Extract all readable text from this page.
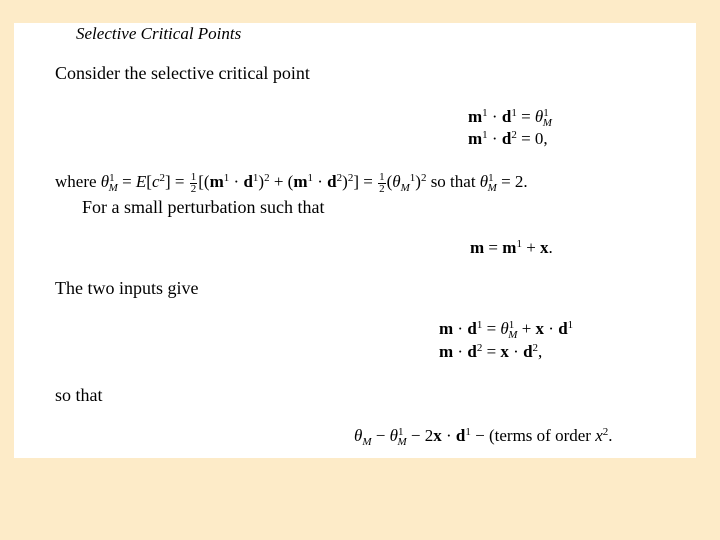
Selective Critical Points
Consider the selective critical point
$m^1 \cdot d^1 = \theta^1_M$
$m^1 \cdot d^2 = 0$,
where $\theta^1_M = E[c^2] = \frac{1}{2} [(m^1 \cdot d^1)^2 + (m^1 \cdot d^2)^2] = \frac{1}{2} (\theta_M^1)^2$ so that $\theta^1_M = 2$.
For a small perturbation such that
$m = m^1 + x$.
The two inputs give
$m \cdot d^1 = \theta^1_M + x \cdot d^1$
$m \cdot d^2 = x \cdot d^2$,
so that
$\theta_M - \theta^1_M - 2x \cdot d^1$ − (terms of order $x^2$.
